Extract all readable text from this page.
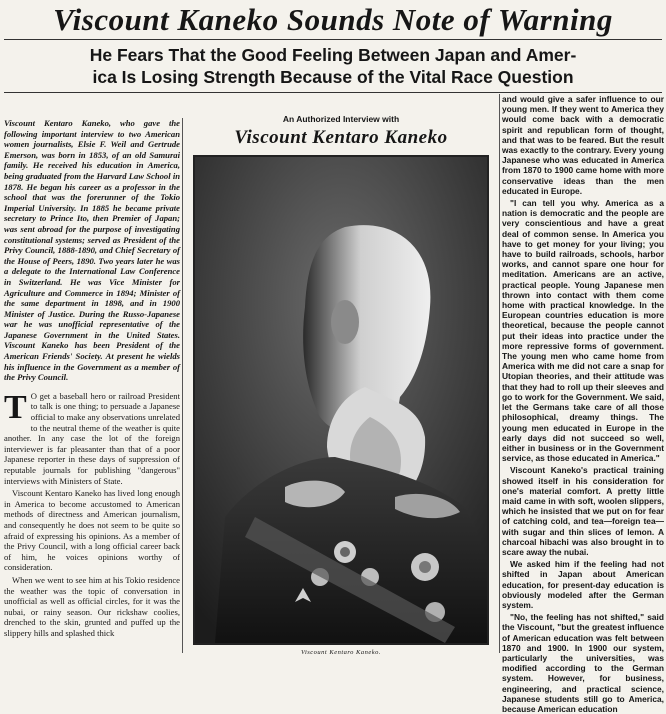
Viscount Kaneko Sounds Note of Warning
He Fears That the Good Feeling Between Japan and Amer-
ica Is Losing Strength Because of the Vital Race Question

Viscount Kentaro Kaneko, who gave the following important interview to two American women journalists, Elsie F. Weil and Gertrude Emerson, was born in 1853, of an old Samurai family. He received his education in America, being graduated from the Harvard Law School in 1878. He began his career as a professor in the school that was the forerunner of the Tokio Imperial University. In 1885 he became private secretary to Prince Ito, then Premier of Japan; was sent abroad for the purpose of investigating constitutional systems; served as President of the Privy Council, 1888-1890, and Chief Secretary of the House of Peers, 1890. Two years later he was a delegate to the International Law Conference in Switzerland. He was Vice Minister for Agriculture and Commerce in 1894; Minister of the same department in 1898, and in 1900 Minister of Justice. During the Russo-Japanese war he was unofficial representative of the Japanese Government in the United States. Viscount Kaneko has been President of the American Friends' Society. At present he wields his influence in the Government as a member of the Privy Council.

T O get a baseball hero or railroad President to talk is one thing; to persuade a Japanese official to make any observations unrelated to the neutral theme of the weather is quite another. In any case the lot of the foreign interviewer is far pleasanter than that of a poor Japanese reporter in these days of suppression of reputable journals for publishing "dangerous" interviews with Ministers of State.

Viscount Kentaro Kaneko has lived long enough in America to become accustomed to American methods of directness and American journalism, and consequently he does not seem to be quite so afraid of expressing his opinions. As a member of the Privy Council, with a long official career back of him, he voices opinions worthy of consideration.

When we went to see him at his Tokio residence the weather was the topic of conversation in unofficial as well as official circles, for it was the nubai, or rainy season. Our rickshaw coolies, drenched to the skin, grunted and puffed up the slippery hills and splashed thick

An Authorized Interview with
Viscount Kentaro Kaneko
Viscount Kentaro Kaneko.

and would give a safer influence to our young men. If they went to America they would come back with a democratic spirit and republican form of thought, and that was to be feared. But the result was exactly to the contrary. Every young Japanese who was educated in America from 1870 to 1900 came home with more conservative ideas than the men educated in Europe.

"I can tell you why. America as a nation is democratic and the people are very conscientious and have a great deal of common sense. In America you have to get money for your living; you have to build railroads, schools, harbor works, and cannot spare one hour for meditation. Americans are an active, practical people. Young Japanese men thrown into contact with them come home with practical knowledge. In the European countries education is more theoretical, because the people cannot put their ideas into practice under the more repressive forms of government. The young men who came home from America with me did not care a snap for Utopian theories, and their attitude was that they had to roll up their sleeves and go to work for the Government. We said, let the Germans take care of all those philosophical, dreamy things. The young men educated in Europe in the early days did not succeed so well, either in business or in the Government service, as those educated in America."

Viscount Kaneko's practical training showed itself in his consideration for one's material comfort. A pretty little maid came in with soft, woolen slippers, which he insisted that we put on for fear of catching cold, and tea—foreign tea—with sugar and thin slices of lemon. A charcoal hibachi was also brought in to scare away the nubai.

We asked him if the feeling had not shifted in Japan about American education, for present-day education is obviously modeled after the German system.

"No, the feeling has not shifted," said the Viscount, "but the greatest influence of American education was felt between 1870 and 1900. In 1900 our system, particularly the universities, was modified according to the German system. However, for business, engineering, and practical science, Japanese students still go to America, because American education
